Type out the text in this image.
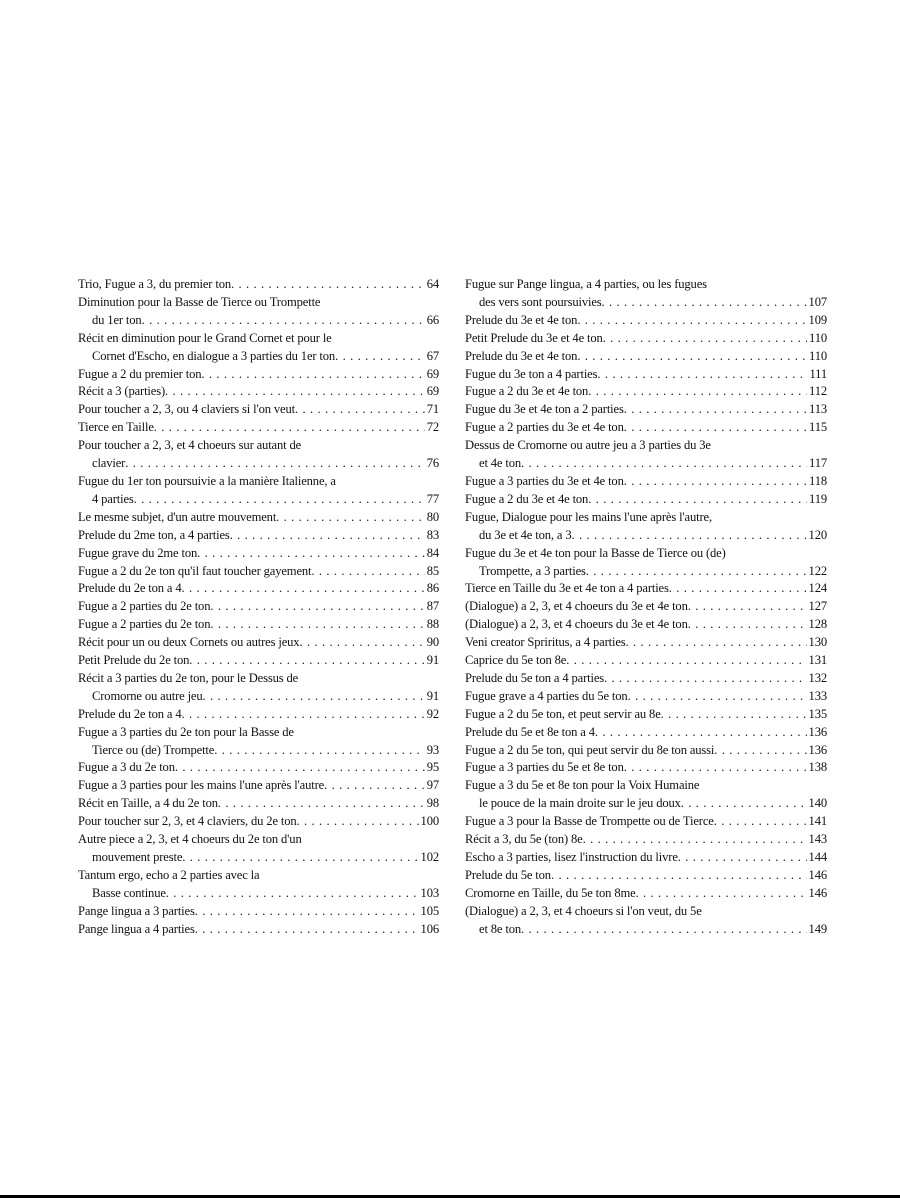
Trio, Fugue a 3, du premier ton . . .	64
Diminution pour la Basse de Tierce ou Trompette
du 1er ton . . .	66
Récit en diminution pour le Grand Cornet et pour le
Cornet d'Escho, en dialogue a 3 parties du 1er ton . . .	67
Fugue a 2 du premier ton . . .	69
Récit a 3 (parties) . . .	69
Pour toucher a 2, 3, ou 4 claviers si l'on veut . . .	71
Tierce en Taille . . .	72
Pour toucher a 2, 3, et 4 choeurs sur autant de
clavier . . .	76
Fugue du 1er ton poursuivie a la manière Italienne, a
4 parties . . .	77
Le mesme subjet, d'un autre mouvement . . .	80
Prelude du 2me ton, a 4 parties . . .	83
Fugue grave du 2me ton . . .	84
Fugue a 2 du 2e ton qu'il faut toucher gayement . . .	85
Prelude du 2e ton a 4 . . .	86
Fugue a 2 parties du 2e ton . . .	87
Fugue a 2 parties du 2e ton . . .	88
Récit pour un ou deux Cornets ou autres jeux . . .	90
Petit Prelude du 2e ton . . .	91
Récit a 3 parties du 2e ton, pour le Dessus de
Cromorne ou autre jeu . . .	91
Prelude du 2e ton a 4 . . .	92
Fugue a 3 parties du 2e ton pour la Basse de
Tierce ou (de) Trompette . . .	93
Fugue a 3 du 2e ton . . .	95
Fugue a 3 parties pour les mains l'une après l'autre . . .	97
Récit en Taille, a 4 du 2e ton . . .	98
Pour toucher sur 2, 3, et 4 claviers, du 2e ton . . .	100
Autre piece a 2, 3, et 4 choeurs du 2e ton d'un
mouvement preste . . .	102
Tantum ergo, echo a 2 parties avec la
Basse continue . . .	103
Pange lingua a 3 parties . . .	105
Pange lingua a 4 parties . . .	106
Fugue sur Pange lingua, a 4 parties, ou les fugues
des vers sont poursuivies . . .	107
Prelude du 3e et 4e ton . . .	109
Petit Prelude du 3e et 4e ton . . .	110
Prelude du 3e et 4e ton . . .	110
Fugue du 3e ton a 4 parties . . .	111
Fugue a 2 du 3e et 4e ton . . .	112
Fugue du 3e et 4e ton a 2 parties . . .	113
Fugue a 2 parties du 3e et 4e ton . . .	115
Dessus de Cromorne ou autre jeu a 3 parties du 3e
et 4e ton . . .	117
Fugue a 3 parties du 3e et 4e ton . . .	118
Fugue a 2 du 3e et 4e ton . . .	119
Fugue, Dialogue pour les mains l'une après l'autre,
du 3e et 4e ton, a 3 . . .	120
Fugue du 3e et 4e ton pour la Basse de Tierce ou (de)
Trompette, a 3 parties . . .	122
Tierce en Taille du 3e et 4e ton a 4 parties . . .	124
(Dialogue) a 2, 3, et 4 choeurs du 3e et 4e ton . . .	127
(Dialogue) a 2, 3, et 4 choeurs du 3e et 4e ton . . .	128
Veni creator Spriritus, a 4 parties . . .	130
Caprice du 5e ton 8e . . .	131
Prelude du 5e ton a 4 parties . . .	132
Fugue grave a 4 parties du 5e ton . . .	133
Fugue a 2 du 5e ton, et peut servir au 8e . . .	135
Prelude du 5e et 8e ton a 4 . . .	136
Fugue a 2 du 5e ton, qui peut servir du 8e ton aussi . . .	136
Fugue a 3 parties du 5e et 8e ton . . .	138
Fugue a 3 du 5e et 8e ton pour la Voix Humaine
le pouce de la main droite sur le jeu doux . . .	140
Fugue a 3 pour la Basse de Trompette ou de Tierce . . .	141
Récit a 3, du 5e (ton) 8e . . .	143
Escho a 3 parties, lisez l'instruction du livre . . .	144
Prelude du 5e ton . . .	146
Cromorne en Taille, du 5e ton 8me . . .	146
(Dialogue) a 2, 3, et 4 choeurs si l'on veut, du 5e
et 8e ton . . .	149
